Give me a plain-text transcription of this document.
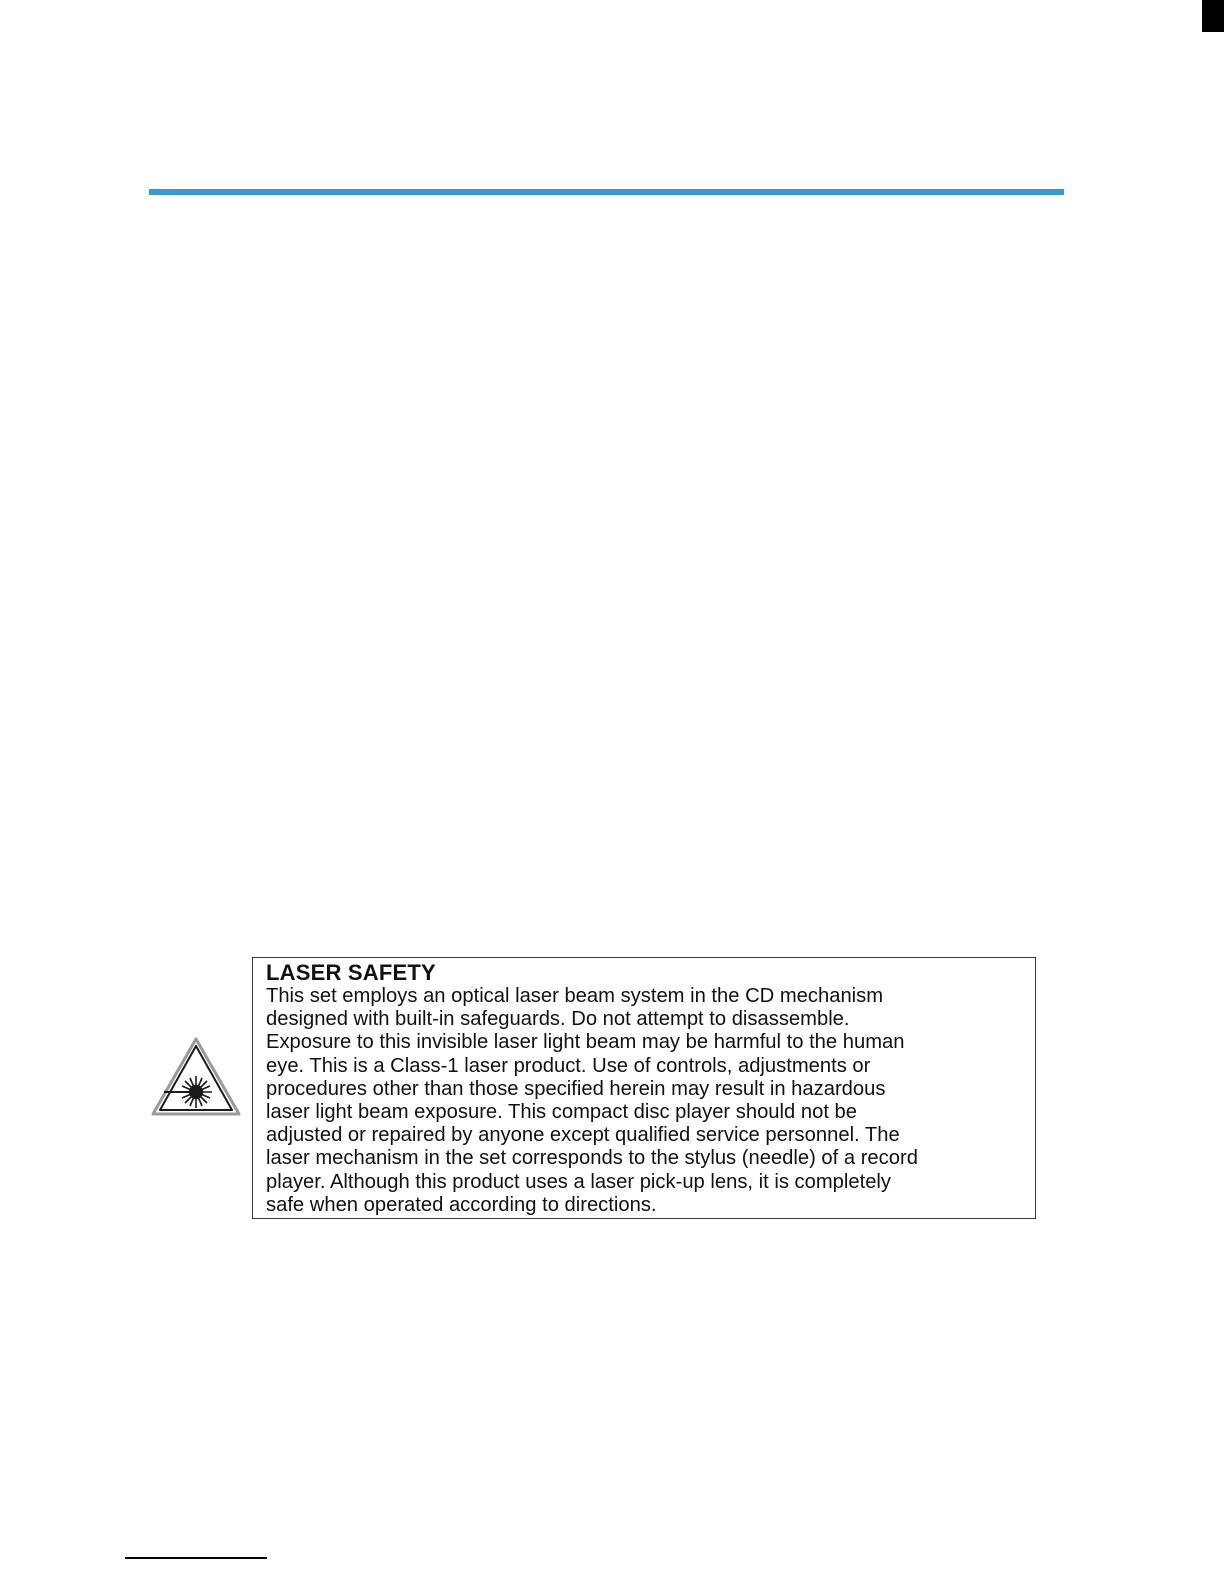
LASER SAFETY

This set employs an optical laser beam system in the CD mechanism

designed with built-in safeguards. Do not attempt to disassemble.

Exposure to this invisible laser light beam may be harmful to the human

eye. This is a Class-1 laser product. Use of controls, adjustments or

procedures other than those specified herein may result in hazardous

laser light beam exposure. This compact disc player should not be

adjusted or repaired by anyone except qualified service personnel. The

laser mechanism in the set corresponds to the stylus (needle) of a record

player. Although this product uses a laser pick-up lens, it is completely

safe when operated according to directions.
